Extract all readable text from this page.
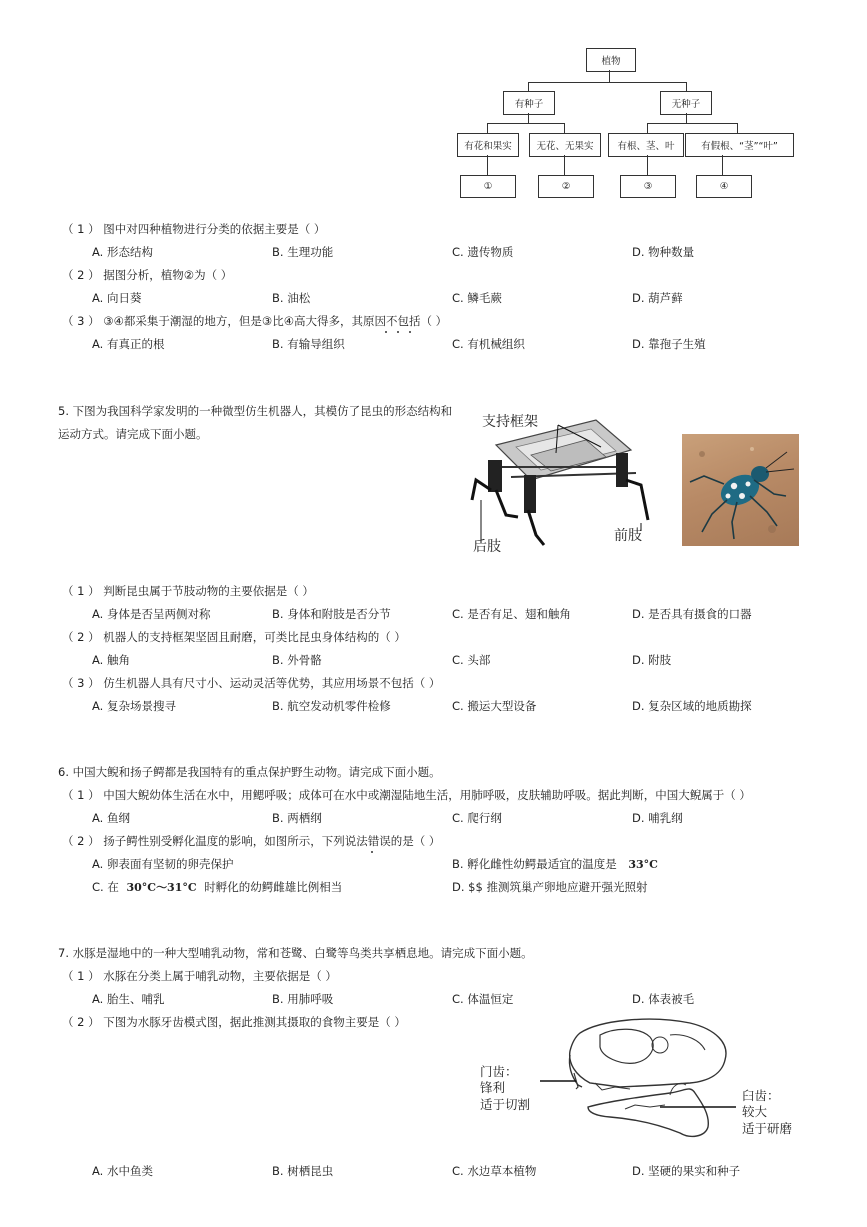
植物
有种子	无种子
有花和果实	无花、无果实	有根、茎、叶	有假根、“茎”“叶”
①	②	③	④
（ 1 ） 图中对四种植物进行分类的依据主要是（ ）
A. 形态结构	B. 生理功能	C. 遗传物质	D. 物种数量
（ 2 ） 据图分析，植物②为（ ）
A. 向日葵	B. 油松	C. 鳞毛蕨	D. 葫芦藓
（ 3 ） ③④都采集于潮湿的地方，但是③比④高大得多，其原因不包括（ ）
A. 有真正的根	B. 有输导组织	C. 有机械组织	D. 靠孢子生殖
5. 下图为我国科学家发明的一种微型仿生机器人，其模仿了昆虫的形态结构和
运动方式。请完成下面小题。
支持框架
后肢
前肢
（ 1 ） 判断昆虫属于节肢动物的主要依据是（ ）
A. 身体是否呈两侧对称	B. 身体和附肢是否分节	C. 是否有足、翅和触角	D. 是否具有摄食的口器
（ 2 ） 机器人的支持框架坚固且耐磨，可类比昆虫身体结构的（ ）
A. 触角	B. 外骨骼	C. 头部	D. 附肢
（ 3 ） 仿生机器人具有尺寸小、运动灵活等优势，其应用场景不包括（ ）
A. 复杂场景搜寻	B. 航空发动机零件检修	C. 搬运大型设备	D. 复杂区域的地质勘探
6. 中国大鲵和扬子鳄都是我国特有的重点保护野生动物。请完成下面小题。
（ 1 ） 中国大鲵幼体生活在水中，用鳃呼吸；成体可在水中或潮湿陆地生活，用肺呼吸，皮肤辅助呼吸。据此判断，中国大鲵属于（ ）
A. 鱼纲	B. 两栖纲	C. 爬行纲	D. 哺乳纲
（ 2 ） 扬子鳄性别受孵化温度的影响，如图所示，下列说法错误的是（ ）
A. 卵表面有坚韧的卵壳保护	B. 孵化雌性幼鳄最适宜的温度是 33°C
C. 在 30°C～31°C 时孵化的幼鳄雌雄比例相当	D. $$ 推测筑巢产卵地应避开强光照射
7. 水豚是湿地中的一种大型哺乳动物，常和苍鹭、白鹭等鸟类共享栖息地。请完成下面小题。
（ 1 ） 水豚在分类上属于哺乳动物，主要依据是（ ）
A. 胎生、哺乳	B. 用肺呼吸	C. 体温恒定	D. 体表被毛
（ 2 ） 下图为水豚牙齿模式图，据此推测其摄取的食物主要是（ ）
门齿：
锋利
适于切割
臼齿：
较大
适于研磨
A. 水中鱼类	B. 树栖昆虫	C. 水边草本植物	D. 坚硬的果实和种子
